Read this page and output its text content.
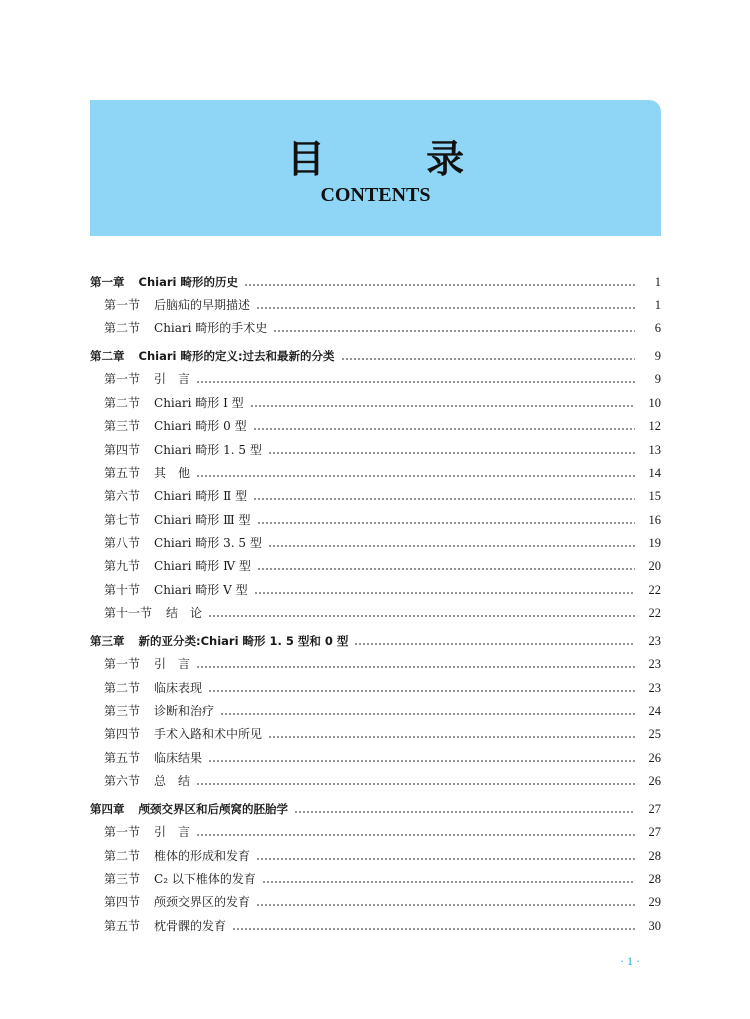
目 录
CONTENTS
第一章 Chiari 畸形的历史	1
第一节 后脑疝的早期描述	1
第二节 Chiari 畸形的手术史	6
第二章 Chiari 畸形的定义:过去和最新的分类	9
第一节 引　言	9
第二节 Chiari 畸形 Ⅰ 型	10
第三节 Chiari 畸形 0 型	12
第四节 Chiari 畸形 1. 5 型	13
第五节 其　他	14
第六节 Chiari 畸形 Ⅱ 型	15
第七节 Chiari 畸形 Ⅲ 型	16
第八节 Chiari 畸形 3. 5 型	19
第九节 Chiari 畸形 Ⅳ 型	20
第十节 Chiari 畸形 Ⅴ 型	22
第十一节 结　论	22
第三章 新的亚分类:Chiari 畸形 1. 5 型和 0 型	23
第一节 引　言	23
第二节 临床表现	23
第三节 诊断和治疗	24
第四节 手术入路和术中所见	25
第五节 临床结果	26
第六节 总　结	26
第四章 颅颈交界区和后颅窝的胚胎学	27
第一节 引　言	27
第二节 椎体的形成和发育	28
第三节 C₂ 以下椎体的发育	28
第四节 颅颈交界区的发育	29
第五节 枕骨髁的发育	30
· 1 ·
